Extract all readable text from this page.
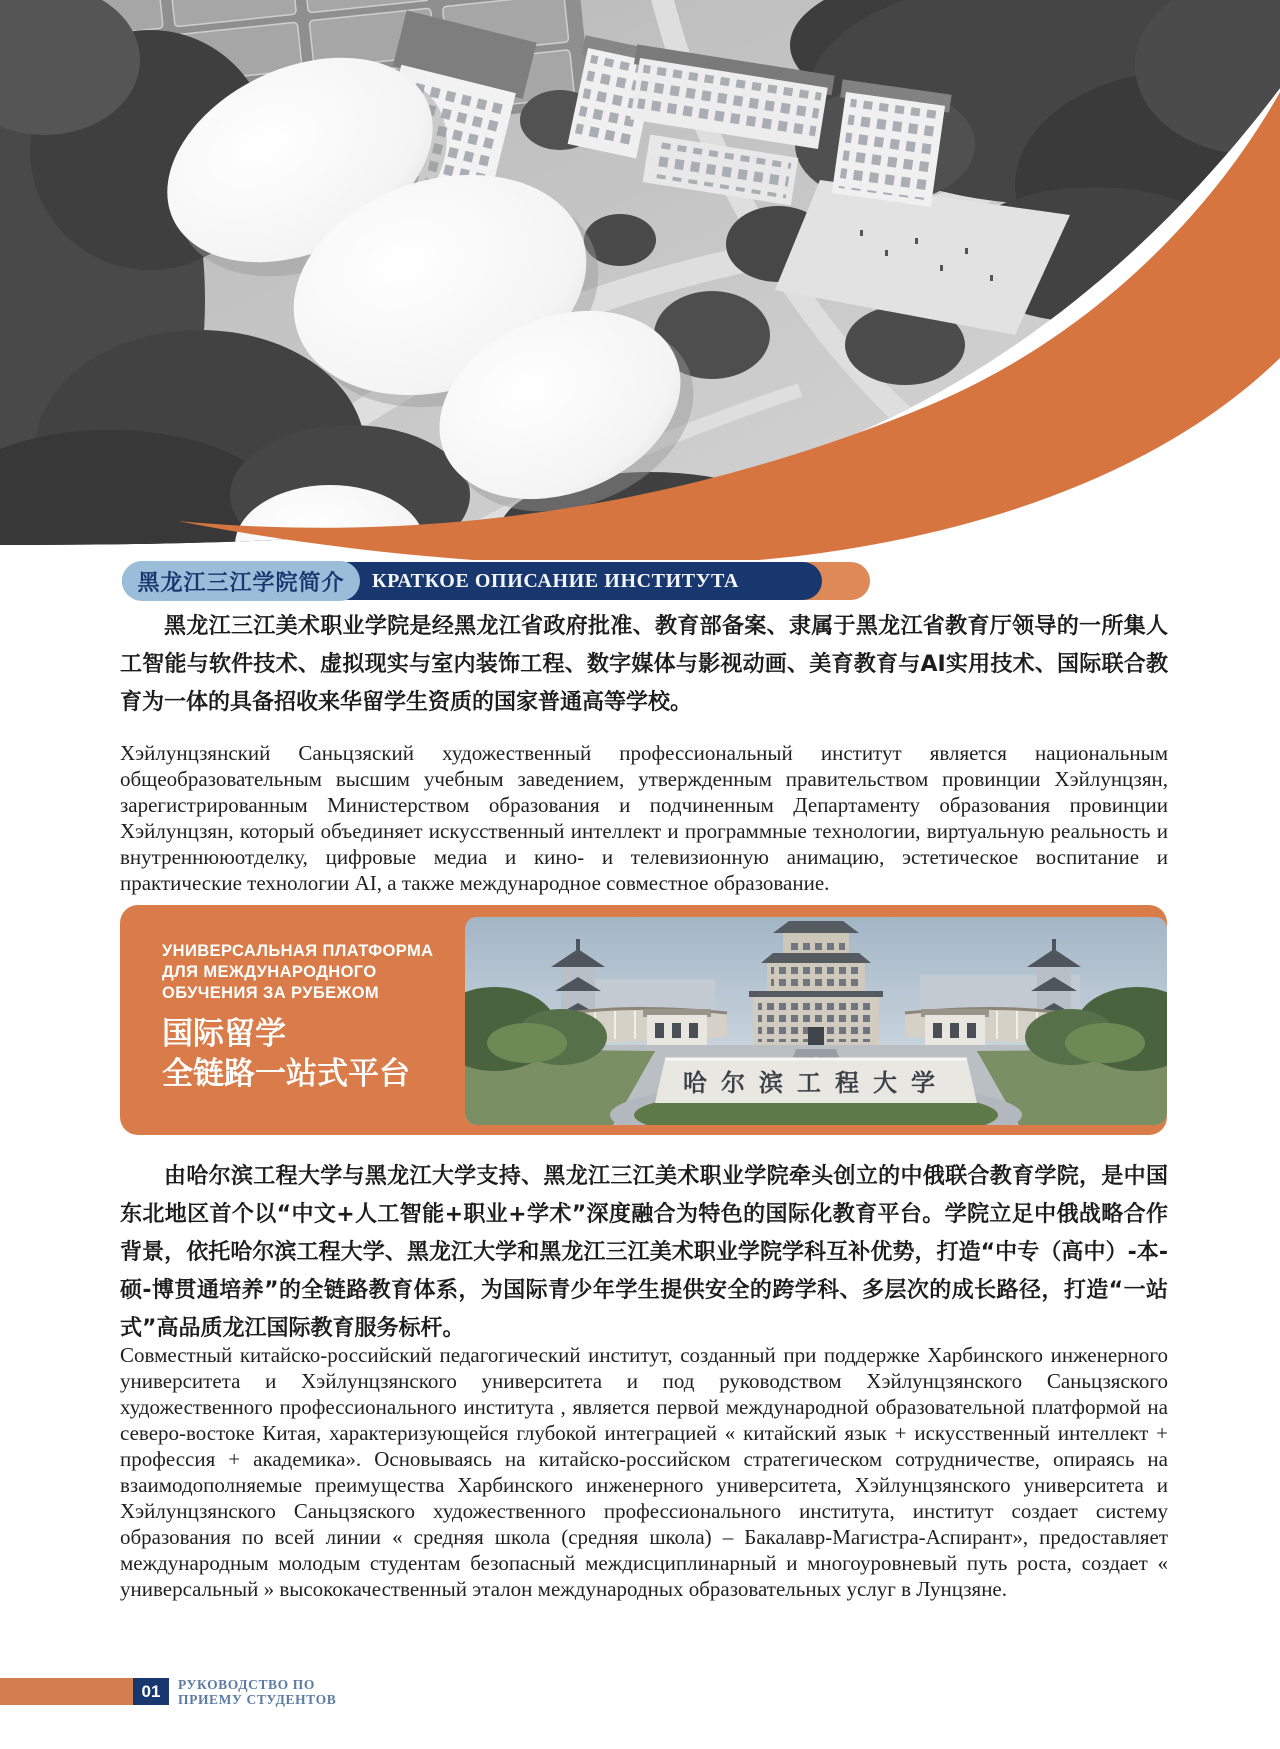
КРАТКОЕ ОПИСАНИЕ ИНСТИТУТА
黑龙江三江学院简介

黑龙江三江美术职业学院是经黑龙江省政府批准、教育部备案、隶属于黑龙江省教育厅领导的一所集人工智能与软件技术、虚拟现实与室内装饰工程、数字媒体与影视动画、美育教育与AI实用技术、国际联合教育为一体的具备招收来华留学生资质的国家普通高等学校。

Хэйлунцзянский Саньцзяский художественный профессиональный институт является национальным общеобразовательным высшим учебным заведением, утвержденным правительством провинции Хэйлунцзян, зарегистрированным Министерством образования и подчиненным Департаменту образования провинции Хэйлунцзян, который объединяет искусственный интеллект и программные технологии, виртуальную реальность и внутреннююотделку, цифровые медиа и кино- и телевизионную анимацию, эстетическое воспитание и практические технологии AI, а также международное совместное образование.

УНИВЕРСАЛЬНАЯ ПЛАТФОРМА
ДЛЯ МЕЖДУНАРОДНОГО
ОБУЧЕНИЯ ЗА РУБЕЖОМ
国际留学
全链路一站式平台	哈尔滨工程大学

由哈尔滨工程大学与黑龙江大学支持、黑龙江三江美术职业学院牵头创立的中俄联合教育学院，是中国东北地区首个以“中文+人工智能+职业+学术”深度融合为特色的国际化教育平台。学院立足中俄战略合作背景，依托哈尔滨工程大学、黑龙江大学和黑龙江三江美术职业学院学科互补优势，打造“中专（高中）-本-硕-博贯通培养”的全链路教育体系，为国际青少年学生提供安全的跨学科、多层次的成长路径，打造“一站式”高品质龙江国际教育服务标杆。

Совместный китайско-российский педагогический институт, созданный при поддержке Харбинского инженерного университета и Хэйлунцзянского университета и под руководством Хэйлунцзянского Саньцзяского художественного профессионального института , является первой международной образовательной платформой на северо-востоке Китая, характеризующейся глубокой интеграцией « китайский язык + искусственный интеллект + профессия + академика». Основываясь на китайско-российском стратегическом сотрудничестве, опираясь на взаимодополняемые преимущества Харбинского инженерного университета, Хэйлунцзянского университета и Хэйлунцзянского Саньцзяского художественного профессионального института, институт создает систему образования по всей линии « средняя школа (средняя школа) – Бакалавр-Магистра-Аспирант», предоставляет международным молодым студентам безопасный междисциплинарный и многоуровневый путь роста, создает « универсальный » высококачественный эталон международных образовательных услуг в Лунцзяне.

01	РУКОВОДСТВО ПО
ПРИЕМУ СТУДЕНТОВ
